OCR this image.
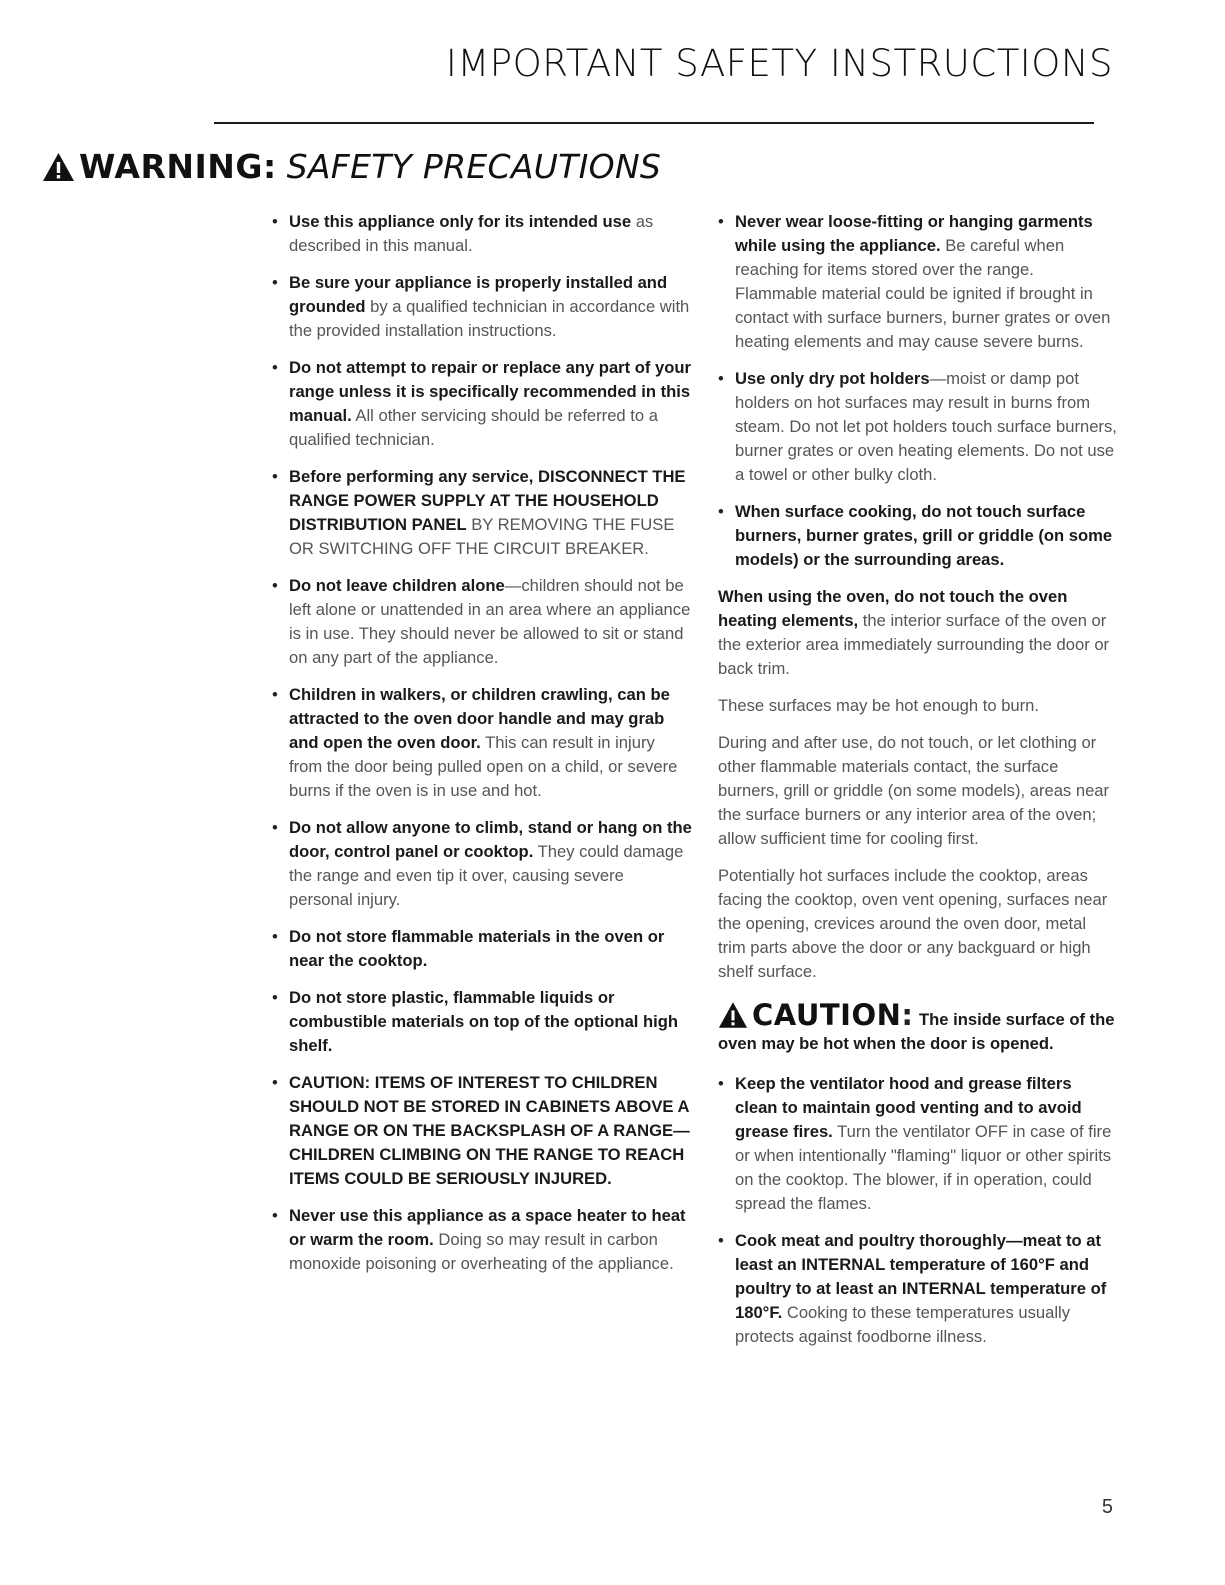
IMPORTANT SAFETY INSTRUCTIONS
WARNING: SAFETY PRECAUTIONS
• Use this appliance only for its intended use as described in this manual.
• Be sure your appliance is properly installed and grounded by a qualified technician in accordance with the provided installation instructions.
• Do not attempt to repair or replace any part of your range unless it is specifically recommended in this manual. All other servicing should be referred to a qualified technician.
• Before performing any service, DISCONNECT THE RANGE POWER SUPPLY AT THE HOUSEHOLD DISTRIBUTION PANEL BY REMOVING THE FUSE OR SWITCHING OFF THE CIRCUIT BREAKER.
• Do not leave children alone—children should not be left alone or unattended in an area where an appliance is in use. They should never be allowed to sit or stand on any part of the appliance.
• Children in walkers, or children crawling, can be attracted to the oven door handle and may grab and open the oven door. This can result in injury from the door being pulled open on a child, or severe burns if the oven is in use and hot.
• Do not allow anyone to climb, stand or hang on the door, control panel or cooktop. They could damage the range and even tip it over, causing severe personal injury.
• Do not store flammable materials in the oven or near the cooktop.
• Do not store plastic, flammable liquids or combustible materials on top of the optional high shelf.
• CAUTION: ITEMS OF INTEREST TO CHILDREN SHOULD NOT BE STORED IN CABINETS ABOVE A RANGE OR ON THE BACKSPLASH OF A RANGE—CHILDREN CLIMBING ON THE RANGE TO REACH ITEMS COULD BE SERIOUSLY INJURED.
• Never use this appliance as a space heater to heat or warm the room. Doing so may result in carbon monoxide poisoning or overheating of the appliance.
• Never wear loose-fitting or hanging garments while using the appliance. Be careful when reaching for items stored over the range. Flammable material could be ignited if brought in contact with surface burners, burner grates or oven heating elements and may cause severe burns.
• Use only dry pot holders—moist or damp pot holders on hot surfaces may result in burns from steam. Do not let pot holders touch surface burners, burner grates or oven heating elements. Do not use a towel or other bulky cloth.
• When surface cooking, do not touch surface burners, burner grates, grill or griddle (on some models) or the surrounding areas.
When using the oven, do not touch the oven heating elements, the interior surface of the oven or the exterior area immediately surrounding the door or back trim.
These surfaces may be hot enough to burn.
During and after use, do not touch, or let clothing or other flammable materials contact, the surface burners, grill or griddle (on some models), areas near the surface burners or any interior area of the oven; allow sufficient time for cooling first.
Potentially hot surfaces include the cooktop, areas facing the cooktop, oven vent opening, surfaces near the opening, crevices around the oven door, metal trim parts above the door or any backguard or high shelf surface.
CAUTION : The inside surface of the
oven may be hot when the door is opened.
• Keep the ventilator hood and grease filters clean to maintain good venting and to avoid grease fires. Turn the ventilator OFF in case of fire or when intentionally "flaming" liquor or other spirits on the cooktop. The blower, if in operation, could spread the flames.
• Cook meat and poultry thoroughly—meat to at least an INTERNAL temperature of 160°F and poultry to at least an INTERNAL temperature of 180°F. Cooking to these temperatures usually protects against foodborne illness.
5
